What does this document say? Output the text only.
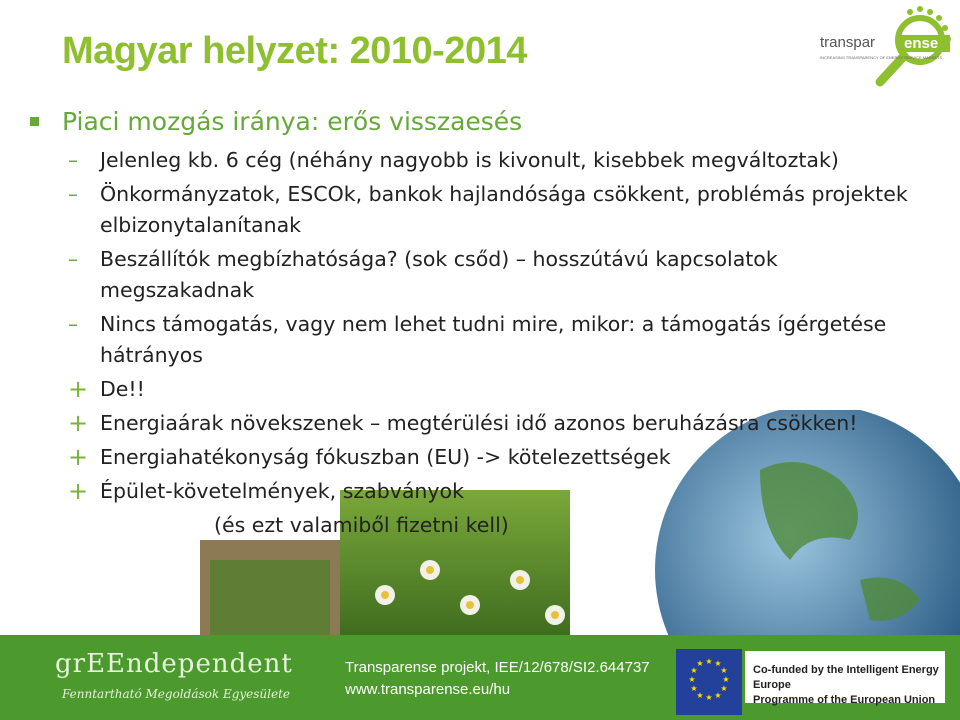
Magyar helyzet: 2010-2014	transpar ense
INCREASING TRANSPARENCY OF ENERGY SERVICE MARKETS

Piaci mozgás iránya: erős visszaesés

–	Jelenleg kb. 6 cég (néhány nagyobb is kivonult, kisebbek megváltoztak)
–	Önkormányzatok, ESCOk, bankok hajlandósága csökkent, problémás projektek elbizonytalanítanak
–	Beszállítók megbízhatósága? (sok csőd) – hosszútávú kapcsolatok megszakadnak
–	Nincs támogatás, vagy nem lehet tudni mire, mikor: a támogatás ígérgetése hátrányos
+ De!!
+ Energiaárak növekszenek – megtérülési idő azonos beruházásra csökken!
+ Energiahatékonyság fókuszban (EU) -> kötelezettségek
+ Épület-követelmények, szabványok
(és ezt valamiből fizetni kell)
grEEndependent
Fenntartható Megoldások Egyesülete
Transparense projekt, IEE/12/678/SI2.644737
www.transparense.eu/hu
★ ★
★
★
★
★
★
★
★
★
★
★
Co-funded by the Intelligent Energy Europe
Programme of the European Union
